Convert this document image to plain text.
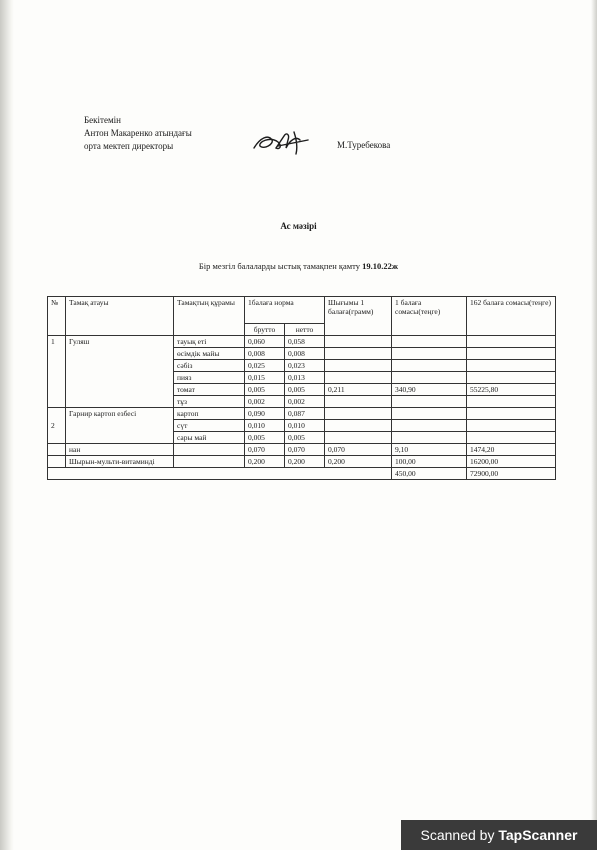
Бекітемін
Антон Макаренко атындағы
орта мектеп директоры	М.Туребекова
Ас мәзірі
Бір мезгіл балаларды ыстық тамақпен қамту 19.10.22ж
№	Тамақ атауы	Тамақтың құрамы	1балаға норма		Шығымы 1 балаға(грамм)	1 балаға сомасы(теңге)	162 балаға сомасы(теңге)
			брутто	нетто			
1	Гуляш	тауық еті	0,060	0,058			
		өсімдік майы	0,008	0,008			
		сәбіз	0,025	0,023			
		пияз	0,015	0,013			
		томат	0,005	0,005	0,211	340,90	55225,80
		тұз	0,002	0,002			
2	Гарнир картоп езбесі	картоп	0,090	0,087			
		сүт	0,010	0,010			
		сары май	0,005	0,005			
	нан		0,070	0,070	0,070	9,10	1474,20
	Шырын-мульти-витаминді		0,200	0,200	0,200	100,00	16200,00
						450,00	72900,00
Scanned by TapScanner
